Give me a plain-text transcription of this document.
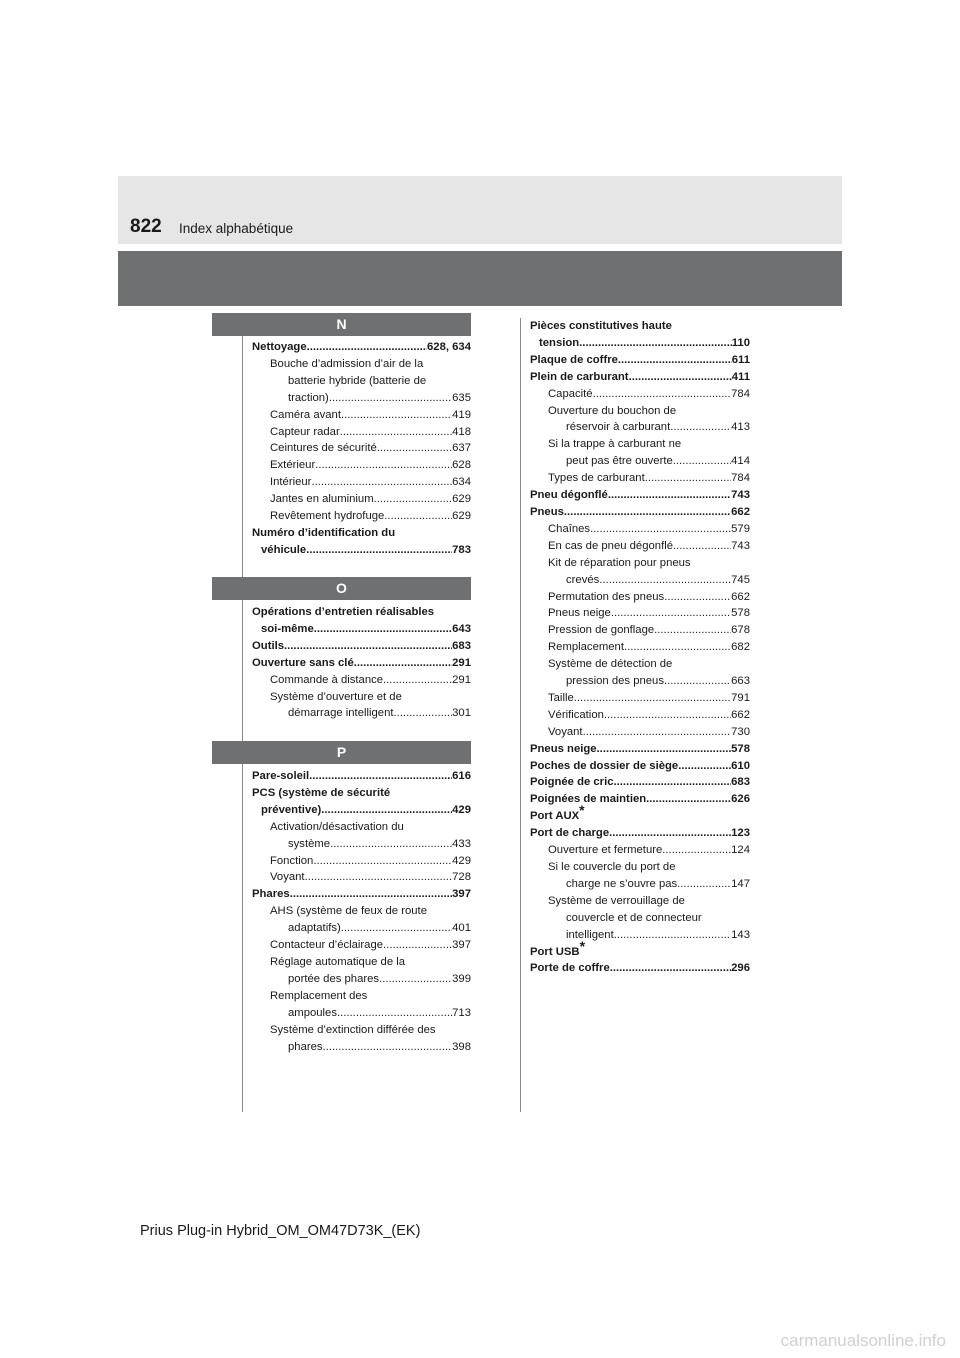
822 Index alphabétique
N
Nettoyage .....	628, 634
Bouche d’admission d’air de la
batterie hybride (batterie de
traction) .....	635
Caméra avant .....	419
Capteur radar .....	418
Ceintures de sécurité .....	637
Extérieur .....	628
Intérieur .....	634
Jantes en aluminium .....	629
Revêtement hydrofuge .....	629
Numéro d’identification du
véhicule .....	783
O
Opérations d’entretien réalisables
soi-même .....	643
Outils .....	683
Ouverture sans clé .....	291
Commande à distance .....	291
Système d’ouverture et de
démarrage intelligent .....	301
P
Pare-soleil .....	616
PCS (système de sécurité
préventive) .....	429
Activation/désactivation du
système .....	433
Fonction .....	429
Voyant .....	728
Phares .....	397
AHS (système de feux de route
adaptatifs) .....	401
Contacteur d’éclairage .....	397
Réglage automatique de la
portée des phares .....	399
Remplacement des
ampoules .....	713
Système d’extinction différée des
phares .....	398
Pièces constitutives haute
tension .....	110
Plaque de coffre .....	611
Plein de carburant .....	411
Capacité .....	784
Ouverture du bouchon de
réservoir à carburant .....	413
Si la trappe à carburant ne
peut pas être ouverte .....	414
Types de carburant .....	784
Pneu dégonflé .....	743
Pneus .....	662
Chaînes .....	579
En cas de pneu dégonflé .....	743
Kit de réparation pour pneus
crevés .....	745
Permutation des pneus .....	662
Pneus neige .....	578
Pression de gonflage .....	678
Remplacement .....	682
Système de détection de
pression des pneus .....	663
Taille .....	791
Vérification .....	662
Voyant .....	730
Pneus neige .....	578
Poches de dossier de siège .....	610
Poignée de cric .....	683
Poignées de maintien .....	626
Port AUX*
Port de charge .....	123
Ouverture et fermeture .....	124
Si le couvercle du port de
charge ne s’ouvre pas .....	147
Système de verrouillage de
couvercle et de connecteur
intelligent .....	143
Port USB*
Porte de coffre .....	296
Prius Plug-in Hybrid_OM_OM47D73K_(EK)
carmanualsonline.info
